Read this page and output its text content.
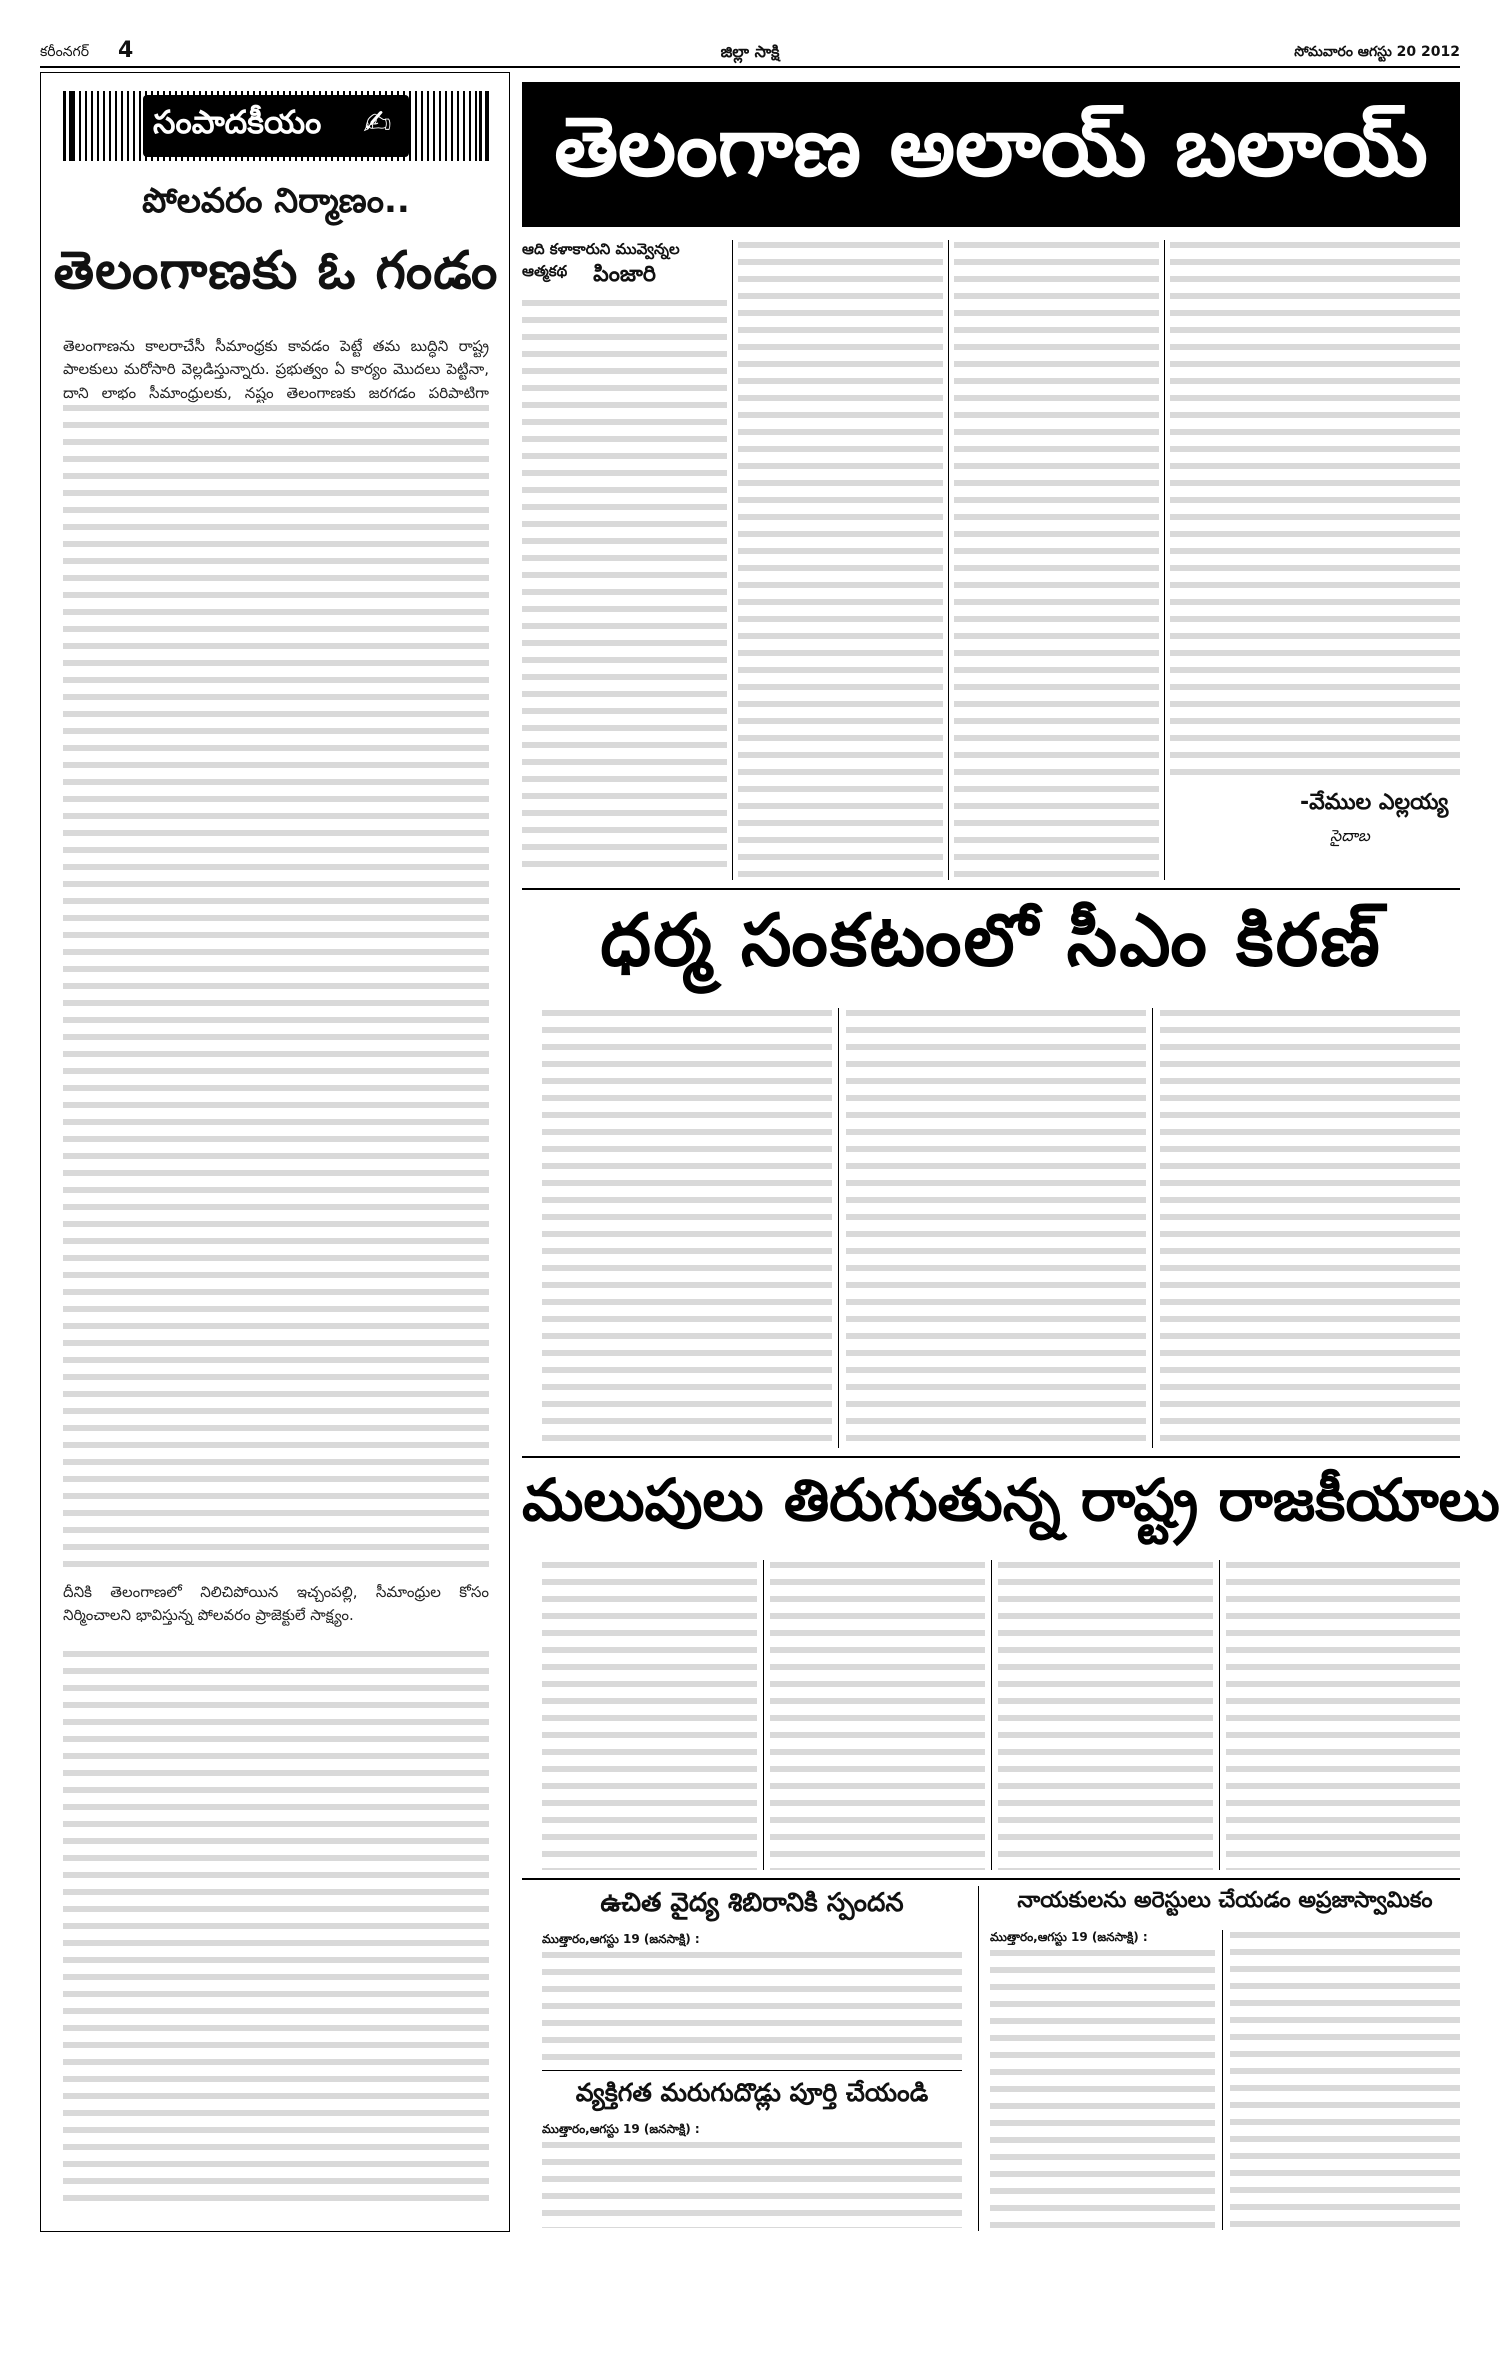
కరీంనగర్ 4	జిల్లా సాక్షి	సోమవారం ఆగస్టు 20 2012
సంపాదకీయం ✍
పోలవరం నిర్మాణం..
తెలంగాణకు ఓ గండం
తెలంగాణను కాలరాచేసీ సీమాంధ్రకు కావడం పెట్టే తమ బుద్ధిని రాష్ట్ర పాలకులు మరోసారి వెల్లడిస్తున్నారు. ప్రభుత్వం ఏ కార్యం మొదలు పెట్టినా, దాని లాభం సీమాంధ్రులకు, నష్టం తెలంగాణకు జరగడం పరిపాటిగా
దీనికి తెలంగాణలో నిలిచిపోయిన ఇచ్చంపల్లి, సీమాంధ్రుల కోసం నిర్మించాలని భావిస్తున్న పోలవరం ప్రాజెక్టులే సాక్ష్యం.
తెలంగాణ అలాయ్ బలాయ్
ఆది కళాకారుని మువ్వెన్నల ఆత్మకథ	పింజారి
-వేముల ఎల్లయ్య
సైదాబ
ధర్మ సంకటంలో సీఎం కిరణ్
మలుపులు తిరుగుతున్న రాష్ట్ర రాజకీయాలు
ఉచిత వైద్య శిబిరానికి స్పందన
ముత్తారం,ఆగస్టు 19 (జనసాక్షి) :
వ్యక్తిగత మరుగుదొడ్లు పూర్తి చేయండి
ముత్తారం,ఆగస్టు 19 (జనసాక్షి) :
నాయకులను అరెస్టులు చేయడం అప్రజాస్వామికం
ముత్తారం,ఆగస్టు 19 (జనసాక్షి) :
